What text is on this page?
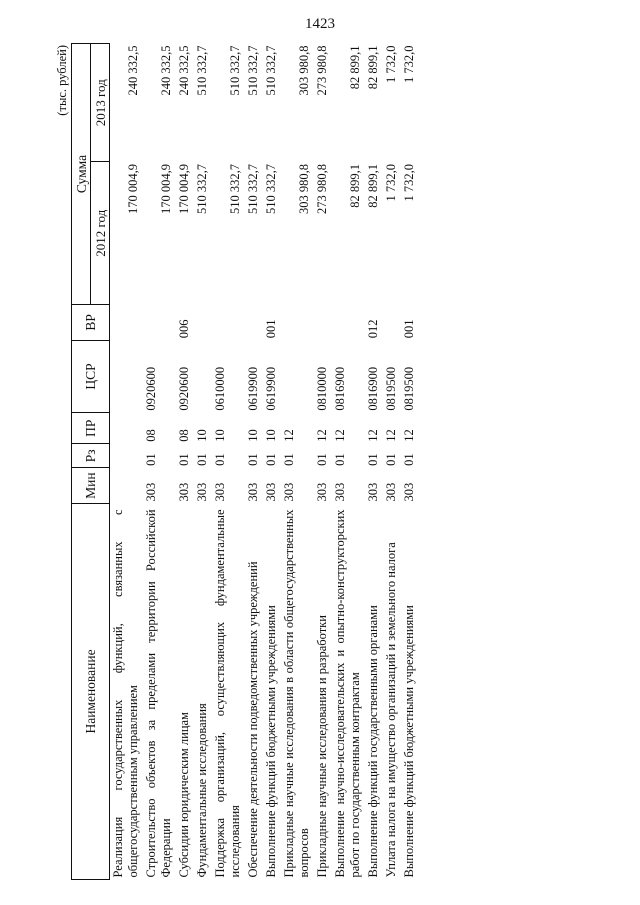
1423
(тыс. рублей)
Наименование	Мин	Рз	ПР	ЦСР	ВР	Сумма	
						2012 год	2013 год
Реализация государственных функций, связанных с общегосударственным управлением						170 004,9	240 332,5
Строительство объектов за пределами территории Российской Федерации	303	01	08	0920600		170 004,9	240 332,5
Субсидии юридическим лицам	303	01	08	0920600	006	170 004,9	240 332,5
Фундаментальные исследования	303	01	10			510 332,7	510 332,7
Поддержка организаций, осуществляющих фундаментальные исследования	303	01	10	0610000		510 332,7	510 332,7
Обеспечение деятельности подведомственных учреждений	303	01	10	0619900		510 332,7	510 332,7
Выполнение функций бюджетными учреждениями	303	01	10	0619900	001	510 332,7	510 332,7
Прикладные научные исследования в области общегосударственных вопросов	303	01	12			303 980,8	303 980,8
Прикладные научные исследования и разработки	303	01	12	0810000		273 980,8	273 980,8
Выполнение научно-исследовательских и опытно-конструкторских работ по государственным контрактам	303	01	12	0816900		82 899,1	82 899,1
Выполнение функций государственными органами	303	01	12	0816900	012	82 899,1	82 899,1
Уплата налога на имущество организаций и земельного налога	303	01	12	0819500		1 732,0	1 732,0
Выполнение функций бюджетными учреждениями	303	01	12	0819500	001	1 732,0	1 732,0
